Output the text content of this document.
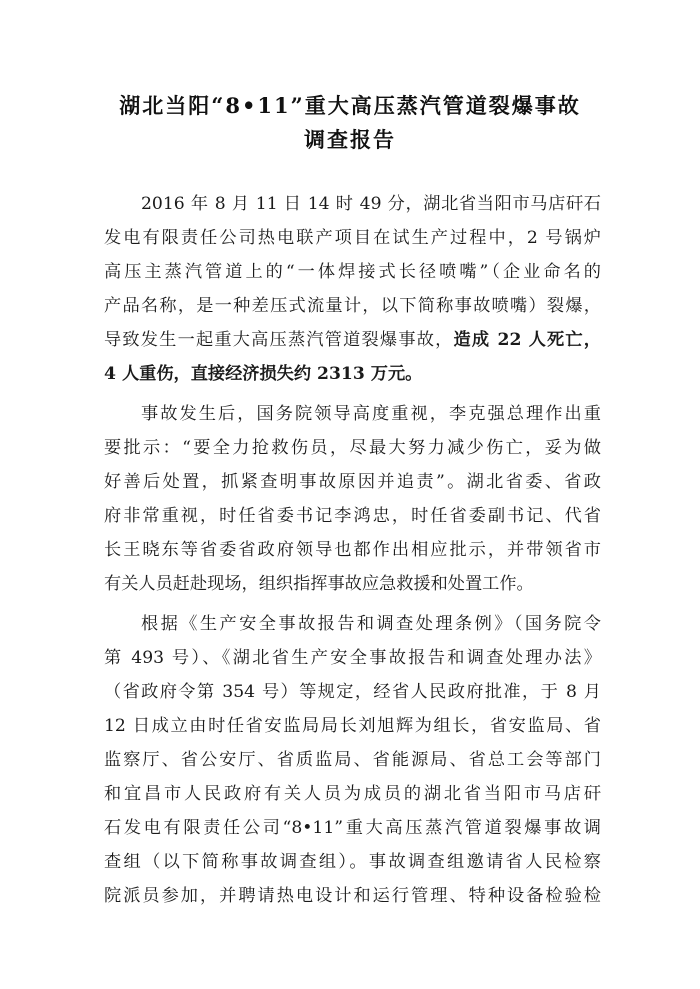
湖北当阳“8•11”重大高压蒸汽管道裂爆事故
调查报告
2016 年 8 月 11 日 14 时 49 分，湖北省当阳市马店矸石
发电有限责任公司热电联产项目在试生产过程中，2 号锅炉
高压主蒸汽管道上的“一体焊接式长径喷嘴”（企业命名的
产品名称，是一种差压式流量计，以下简称事故喷嘴）裂爆，
导致发生一起重大高压蒸汽管道裂爆事故，造成 22 人死亡，
4 人重伤，直接经济损失约 2313 万元。
事故发生后，国务院领导高度重视，李克强总理作出重
要批示：“要全力抢救伤员，尽最大努力减少伤亡，妥为做
好善后处置，抓紧查明事故原因并追责”。湖北省委、省政
府非常重视，时任省委书记李鸿忠，时任省委副书记、代省
长王晓东等省委省政府领导也都作出相应批示，并带领省市
有关人员赶赴现场，组织指挥事故应急救援和处置工作。
根据《生产安全事故报告和调查处理条例》（国务院令
第 493 号）、《湖北省生产安全事故报告和调查处理办法》
（省政府令第 354 号）等规定，经省人民政府批准，于 8 月
12 日成立由时任省安监局局长刘旭辉为组长，省安监局、省
监察厅、省公安厅、省质监局、省能源局、省总工会等部门
和宜昌市人民政府有关人员为成员的湖北省当阳市马店矸
石发电有限责任公司“8•11”重大高压蒸汽管道裂爆事故调
查组（以下简称事故调查组）。事故调查组邀请省人民检察
院派员参加，并聘请热电设计和运行管理、特种设备检验检
